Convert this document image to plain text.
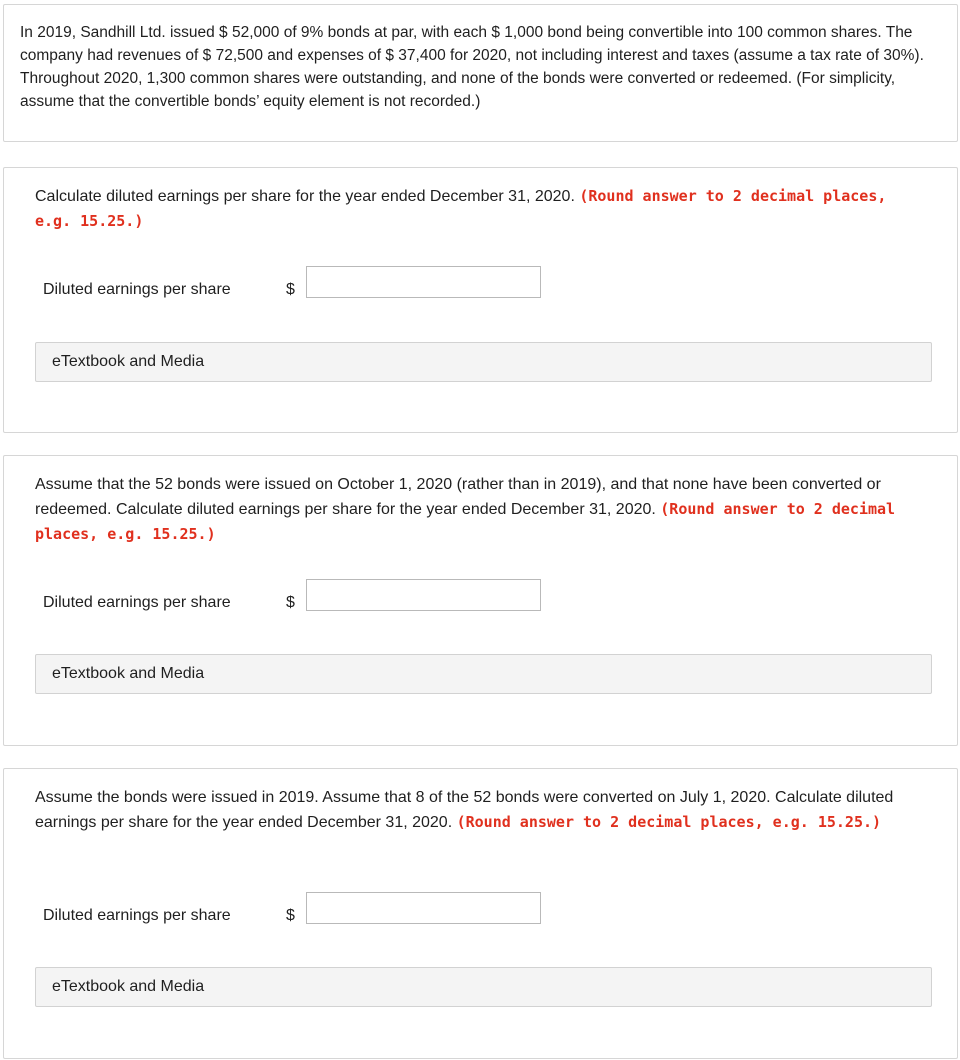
In 2019, Sandhill Ltd. issued $ 52,000 of 9% bonds at par, with each $ 1,000 bond being convertible into 100 common shares. The company had revenues of $ 72,500 and expenses of $ 37,400 for 2020, not including interest and taxes (assume a tax rate of 30%). Throughout 2020, 1,300 common shares were outstanding, and none of the bonds were converted or redeemed. (For simplicity, assume that the convertible bonds’ equity element is not recorded.)
Calculate diluted earnings per share for the year ended December 31, 2020. (Round answer to 2 decimal places, e.g. 15.25.)
Diluted earnings per share	$
eTextbook and Media
Assume that the 52 bonds were issued on October 1, 2020 (rather than in 2019), and that none have been converted or redeemed. Calculate diluted earnings per share for the year ended December 31, 2020. (Round answer to 2 decimal places, e.g. 15.25.)
Diluted earnings per share	$
eTextbook and Media
Assume the bonds were issued in 2019. Assume that 8 of the 52 bonds were converted on July 1, 2020. Calculate diluted earnings per share for the year ended December 31, 2020. (Round answer to 2 decimal places, e.g. 15.25.)
Diluted earnings per share	$
eTextbook and Media
